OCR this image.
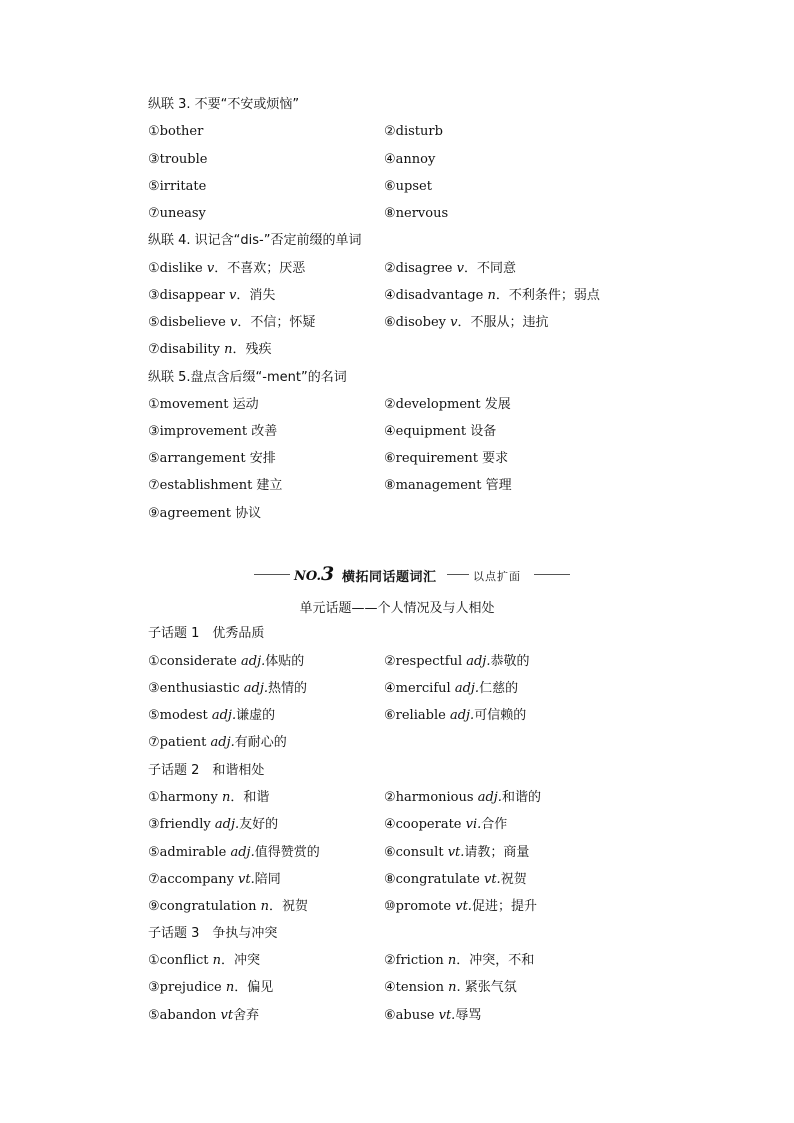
纵联 3. 不要“不安或烦恼”
①bother	②disturb
③trouble	④annoy
⑤irritate	⑥upset
⑦uneasy	⑧nervous
纵联 4. 识记含“dis-”否定前缀的单词
①dislike v．不喜欢；厌恶	②disagree v．不同意
③disappear v．消失	④disadvantage n．不利条件；弱点
⑤disbelieve v．不信；怀疑	⑥disobey v．不服从；违抗
⑦disability n．残疾
纵联 5.盘点含后缀“-ment”的名词
①movement 运动	②development 发展
③improvement 改善	④equipment 设备
⑤arrangement 安排	⑥requirement 要求
⑦establishment 建立	⑧management 管理
⑨agreement 协议
NO.3 横拓同话题词汇	以点扩面
单元话题——个人情况及与人相处
子话题 1　优秀品质
①considerate adj.体贴的	②respectful adj.恭敬的
③enthusiastic adj.热情的	④merciful adj.仁慈的
⑤modest adj.谦虚的	⑥reliable adj.可信赖的
⑦patient adj.有耐心的
子话题 2　和谐相处
①harmony n．和谐	②harmonious adj.和谐的
③friendly adj.友好的	④cooperate vi.合作
⑤admirable adj.值得赞赏的	⑥consult vt.请教；商量
⑦accompany vt.陪同	⑧congratulate vt.祝贺
⑨congratulation n．祝贺	⑩promote vt.促进；提升
子话题 3　争执与冲突
①conflict n．冲突	②friction n．冲突，不和
③prejudice n．偏见	④tension n. 紧张气氛
⑤abandon vt舍弃	⑥abuse vt.辱骂
